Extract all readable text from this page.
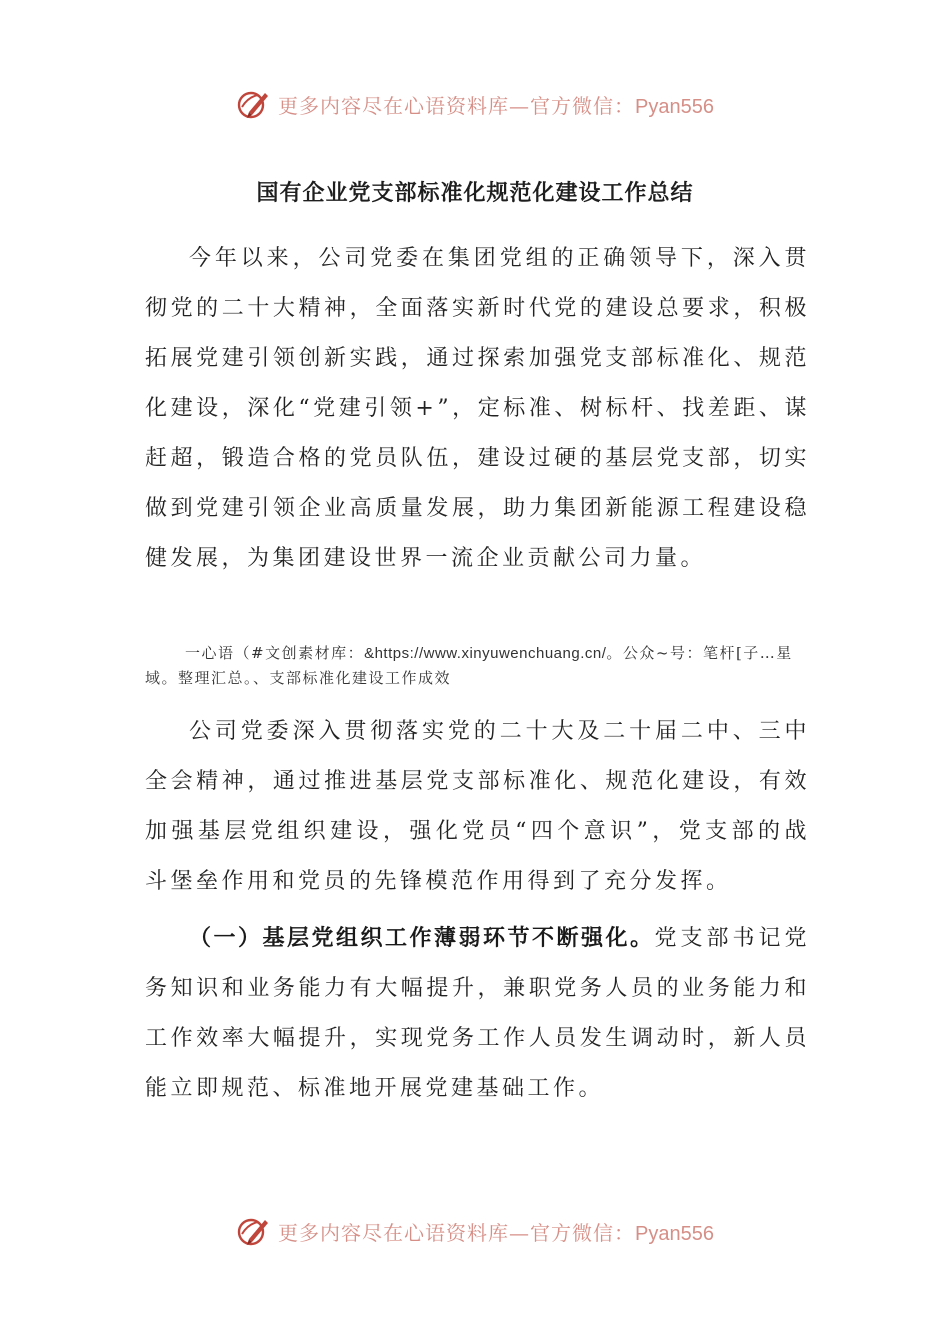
更多内容尽在心语资料库—官方微信：Pyan556
国有企业党支部标准化规范化建设工作总结

今年以来，公司党委在集团党组的正确领导下，深入贯彻党的二十大精神，全面落实新时代党的建设总要求，积极拓展党建引领创新实践，通过探索加强党支部标准化、规范化建设，深化“党建引领+”，定标准、树标杆、找差距、谋赶超，锻造合格的党员队伍，建设过硬的基层党支部，切实做到党建引领企业高质量发展，助力集团新能源工程建设稳健发展，为集团建设世界一流企业贡献公司力量。

一心语（#文创素材库：&https://www.xinyuwenchuang.cn/。公众~号：笔杆[子…星域。整理汇总。、支部标准化建设工作成效

公司党委深入贯彻落实党的二十大及二十届二中、三中全会精神，通过推进基层党支部标准化、规范化建设，有效加强基层党组织建设，强化党员“四个意识”，党支部的战斗堡垒作用和党员的先锋模范作用得到了充分发挥。

（一）基层党组织工作薄弱环节不断强化。党支部书记党务知识和业务能力有大幅提升，兼职党务人员的业务能力和工作效率大幅提升，实现党务工作人员发生调动时，新人员能立即规范、标准地开展党建基础工作。

更多内容尽在心语资料库—官方微信：Pyan556
